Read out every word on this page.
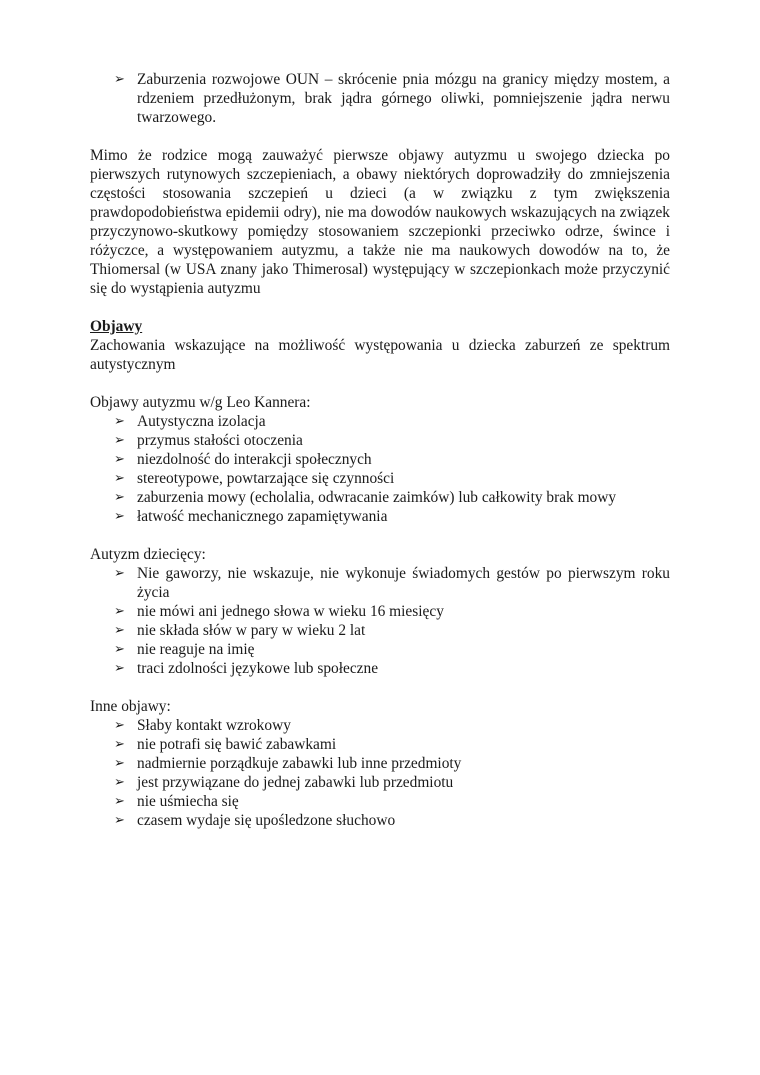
➢ Zaburzenia rozwojowe OUN – skrócenie pnia mózgu na granicy między mostem, a rdzeniem przedłużonym, brak jądra górnego oliwki, pomniejszenie jądra nerwu twarzowego.

Mimo że rodzice mogą zauważyć pierwsze objawy autyzmu u swojego dziecka po pierwszych rutynowych szczepieniach, a obawy niektórych doprowadziły do zmniejszenia częstości stosowania szczepień u dzieci (a w związku z tym zwiększenia prawdopodobieństwa epidemii odry), nie ma dowodów naukowych wskazujących na związek przyczynowo-skutkowy pomiędzy stosowaniem szczepionki przeciwko odrze, śwince i różyczce, a występowaniem autyzmu, a także nie ma naukowych dowodów na to, że Thiomersal (w USA znany jako Thimerosal) występujący w szczepionkach może przyczynić się do wystąpienia autyzmu

Objawy

Zachowania wskazujące na możliwość występowania u dziecka zaburzeń ze spektrum autystycznym

Objawy autyzmu w/g Leo Kannera:

➢ Autystyczna izolacja
➢ przymus stałości otoczenia
➢ niezdolność do interakcji społecznych
➢ stereotypowe, powtarzające się czynności
➢ zaburzenia mowy (echolalia, odwracanie zaimków) lub całkowity brak mowy
➢ łatwość mechanicznego zapamiętywania

Autyzm dziecięcy:

➢ Nie gaworzy, nie wskazuje, nie wykonuje świadomych gestów po pierwszym roku życia
➢ nie mówi ani jednego słowa w wieku 16 miesięcy
➢ nie składa słów w pary w wieku 2 lat
➢ nie reaguje na imię
➢ traci zdolności językowe lub społeczne

Inne objawy:

➢ Słaby kontakt wzrokowy
➢ nie potrafi się bawić zabawkami
➢ nadmiernie porządkuje zabawki lub inne przedmioty
➢ jest przywiązane do jednej zabawki lub przedmiotu
➢ nie uśmiecha się
➢ czasem wydaje się upośledzone słuchowo
